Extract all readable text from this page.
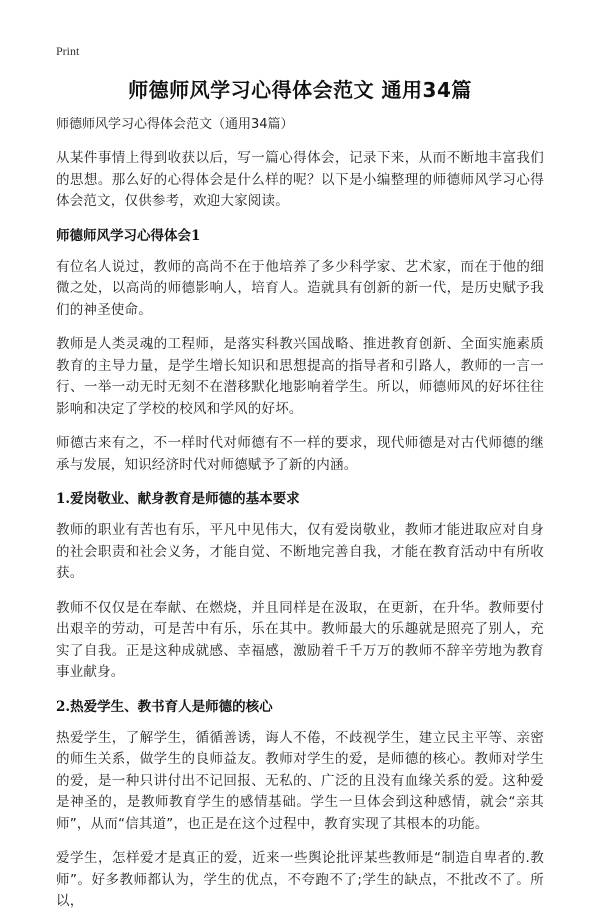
Print
师德师风学习心得体会范文 通用34篇
师德师风学习心得体会范文（通用34篇）

从某件事情上得到收获以后，写一篇心得体会，记录下来，从而不断地丰富我们的思想。那么好的心得体会是什么样的呢？以下是小编整理的师德师风学习心得体会范文，仅供参考，欢迎大家阅读。

师德师风学习心得体会1

有位名人说过，教师的高尚不在于他培养了多少科学家、艺术家，而在于他的细微之处，以高尚的师德影响人，培育人。造就具有创新的新一代，是历史赋予我们的神圣使命。

教师是人类灵魂的工程师，是落实科教兴国战略、推进教育创新、全面实施素质教育的主导力量，是学生增长知识和思想提高的指导者和引路人，教师的一言一行、一举一动无时无刻不在潜移默化地影响着学生。所以，师德师风的好坏往往影响和决定了学校的校风和学风的好坏。

师德古来有之，不一样时代对师德有不一样的要求，现代师德是对古代师德的继承与发展，知识经济时代对师德赋予了新的内涵。

1.爱岗敬业、献身教育是师德的基本要求

教师的职业有苦也有乐，平凡中见伟大，仅有爱岗敬业，教师才能进取应对自身的社会职责和社会义务，才能自觉、不断地完善自我，才能在教育活动中有所收获。

教师不仅仅是在奉献、在燃烧，并且同样是在汲取，在更新，在升华。教师要付出艰辛的劳动，可是苦中有乐，乐在其中。教师最大的乐趣就是照亮了别人，充实了自我。正是这种成就感、幸福感，激励着千千万万的教师不辞辛劳地为教育事业献身。

2.热爱学生、教书育人是师德的核心

热爱学生，了解学生，循循善诱，诲人不倦，不歧视学生，建立民主平等、亲密的师生关系，做学生的良师益友。教师对学生的爱，是师德的核心。教师对学生的爱，是一种只讲付出不记回报、无私的、广泛的且没有血缘关系的爱。这种爱是神圣的，是教师教育学生的感情基础。学生一旦体会到这种感情，就会“亲其师”，从而“信其道”，也正是在这个过程中，教育实现了其根本的功能。

爱学生，怎样爱才是真正的爱，近来一些舆论批评某些教师是“制造自卑者的.教师”。好多教师都认为，学生的优点，不夸跑不了;学生的缺点，不批改不了。所以，
